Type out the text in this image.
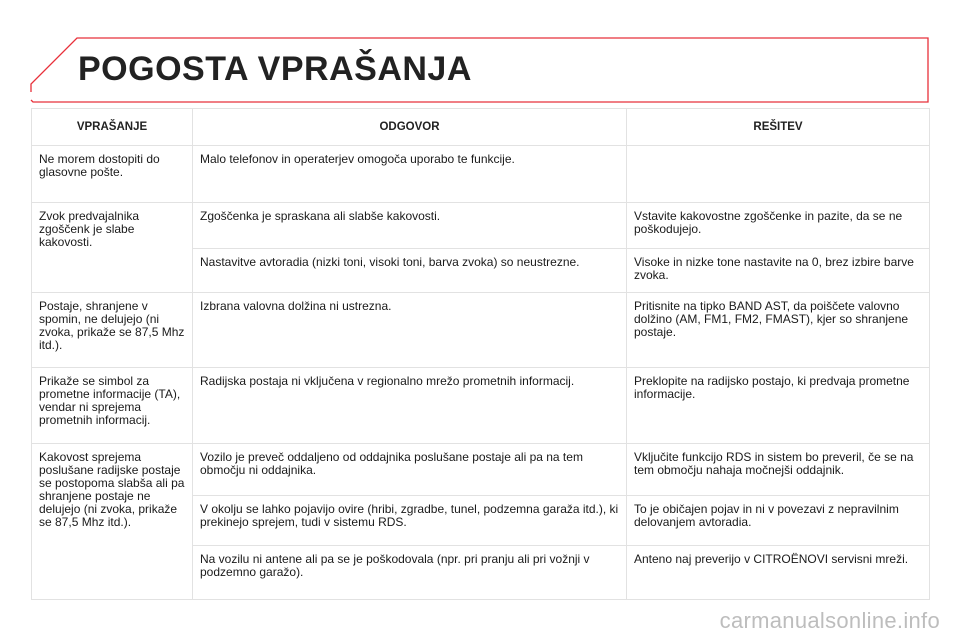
POGOSTA VPRAŠANJA
VPRAŠANJE	ODGOVOR	REŠITEV

Ne morem dostopiti do glasovne pošte.	Malo telefonov in operaterjev omogoča uporabo te funkcije.	

Zvok predvajalnika zgoščenk je slabe kakovosti.	Zgoščenka je spraskana ali slabše kakovosti.	Vstavite kakovostne zgoščenke in pazite, da se ne poškodujejo.

	Nastavitve avtoradia (nizki toni, visoki toni, barva zvoka) so neustrezne.	Visoke in nizke tone nastavite na 0, brez izbire barve zvoka.

Postaje, shranjene v spomin, ne delujejo (ni zvoka, prikaže se 87,5 Mhz itd.).	Izbrana valovna dolžina ni ustrezna.	Pritisnite na tipko BAND AST, da poiščete valovno dolžino (AM, FM1, FM2, FMAST), kjer so shranjene postaje.

Prikaže se simbol za prometne informacije (TA), vendar ni sprejema prometnih informacij.	Radijska postaja ni vključena v regionalno mrežo prometnih informacij.	Preklopite na radijsko postajo, ki predvaja prometne informacije.

Kakovost sprejema poslušane radijske postaje se postopoma slabša ali pa shranjene postaje ne delujejo (ni zvoka, prikaže se 87,5 Mhz itd.).	Vozilo je preveč oddaljeno od oddajnika poslušane postaje ali pa na tem območju ni oddajnika.	Vključite funkcijo RDS in sistem bo preveril, če se na tem območju nahaja močnejši oddajnik.

	V okolju se lahko pojavijo ovire (hribi, zgradbe, tunel, podzemna garaža itd.), ki prekinejo sprejem, tudi v sistemu RDS.	To je običajen pojav in ni v povezavi z nepravilnim delovanjem avtoradia.

	Na vozilu ni antene ali pa se je poškodovala (npr. pri pranju ali pri vožnji v podzemno garažo).	Anteno naj preverijo v CITROËNOVI servisni mreži.
carmanualsonline.info
